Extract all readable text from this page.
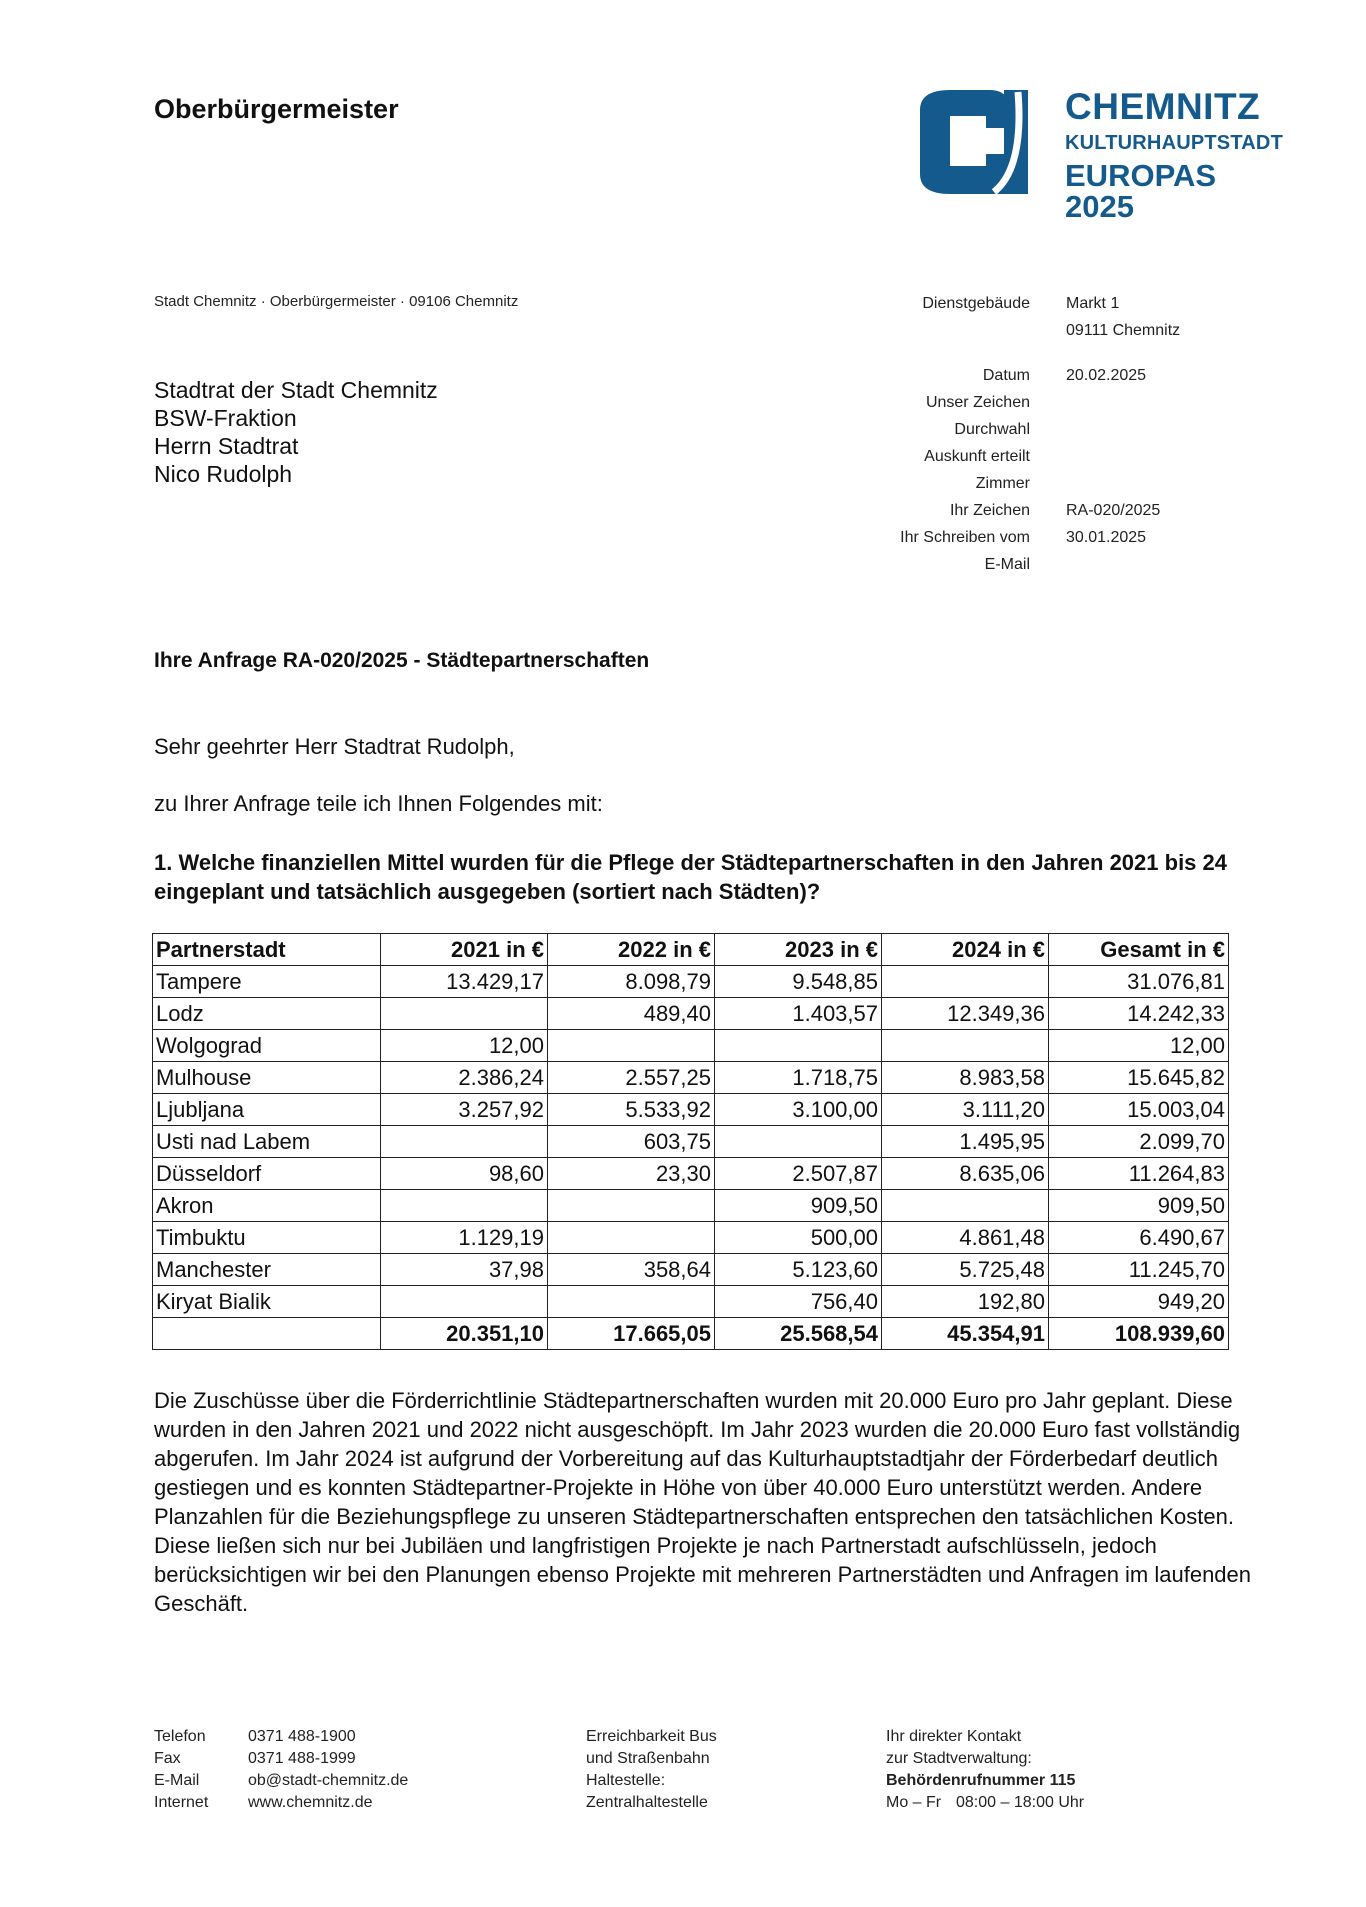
Oberbürgermeister	CHEMNITZ
KULTURHAUPTSTADT
EUROPAS 2025
Stadt Chemnitz · Oberbürgermeister · 09106 Chemnitz
Stadtrat der Stadt Chemnitz
BSW-Fraktion
Herrn Stadtrat
Nico Rudolph
Dienstgebäude Markt 1
09111 Chemnitz
Datum 20.02.2025
Unser Zeichen
Durchwahl
Auskunft erteilt
Zimmer
Ihr Zeichen RA-020/2025
Ihr Schreiben vom 30.01.2025
E-Mail
Ihre Anfrage RA-020/2025 - Städtepartnerschaften
Sehr geehrter Herr Stadtrat Rudolph,
zu Ihrer Anfrage teile ich Ihnen Folgendes mit:
1. Welche finanziellen Mittel wurden für die Pflege der Städtepartnerschaften in den Jahren 2021 bis 24 eingeplant und tatsächlich ausgegeben (sortiert nach Städten)?
Partnerstadt	2021 in €	2022 in €	2023 in €	2024 in €	Gesamt in €
Tampere	13.429,17	8.098,79	9.548,85		31.076,81
Lodz		489,40	1.403,57	12.349,36	14.242,33
Wolgograd	12,00				12,00
Mulhouse	2.386,24	2.557,25	1.718,75	8.983,58	15.645,82
Ljubljana	3.257,92	5.533,92	3.100,00	3.111,20	15.003,04
Usti nad Labem		603,75		1.495,95	2.099,70
Düsseldorf	98,60	23,30	2.507,87	8.635,06	11.264,83
Akron			909,50		909,50
Timbuktu	1.129,19		500,00	4.861,48	6.490,67
Manchester	37,98	358,64	5.123,60	5.725,48	11.245,70
Kiryat Bialik			756,40	192,80	949,20
	20.351,10	17.665,05	25.568,54	45.354,91	108.939,60
Die Zuschüsse über die Förderrichtlinie Städtepartnerschaften wurden mit 20.000 Euro pro Jahr geplant. Diese wurden in den Jahren 2021 und 2022 nicht ausgeschöpft. Im Jahr 2023 wurden die 20.000 Euro fast vollständig abgerufen. Im Jahr 2024 ist aufgrund der Vorbereitung auf das Kulturhauptstadtjahr der Förderbedarf deutlich gestiegen und es konnten Städtepartner-Projekte in Höhe von über 40.000 Euro unterstützt werden. Andere Planzahlen für die Beziehungspflege zu unseren Städtepartnerschaften entsprechen den tatsächlichen Kosten. Diese ließen sich nur bei Jubiläen und langfristigen Projekte je nach Partnerstadt aufschlüsseln, jedoch berücksichtigen wir bei den Planungen ebenso Projekte mit mehreren Partnerstädten und Anfragen im laufenden Geschäft.
Telefon	0371 488-1900
Fax	0371 488-1999
E-Mail	ob@stadt-chemnitz.de
Internet	www.chemnitz.de
Erreichbarkeit Bus
und Straßenbahn
Haltestelle:
Zentralhaltestelle
Ihr direkter Kontakt
zur Stadtverwaltung:
Behördenrufnummer 115
Mo – Fr 08:00 – 18:00 Uhr
